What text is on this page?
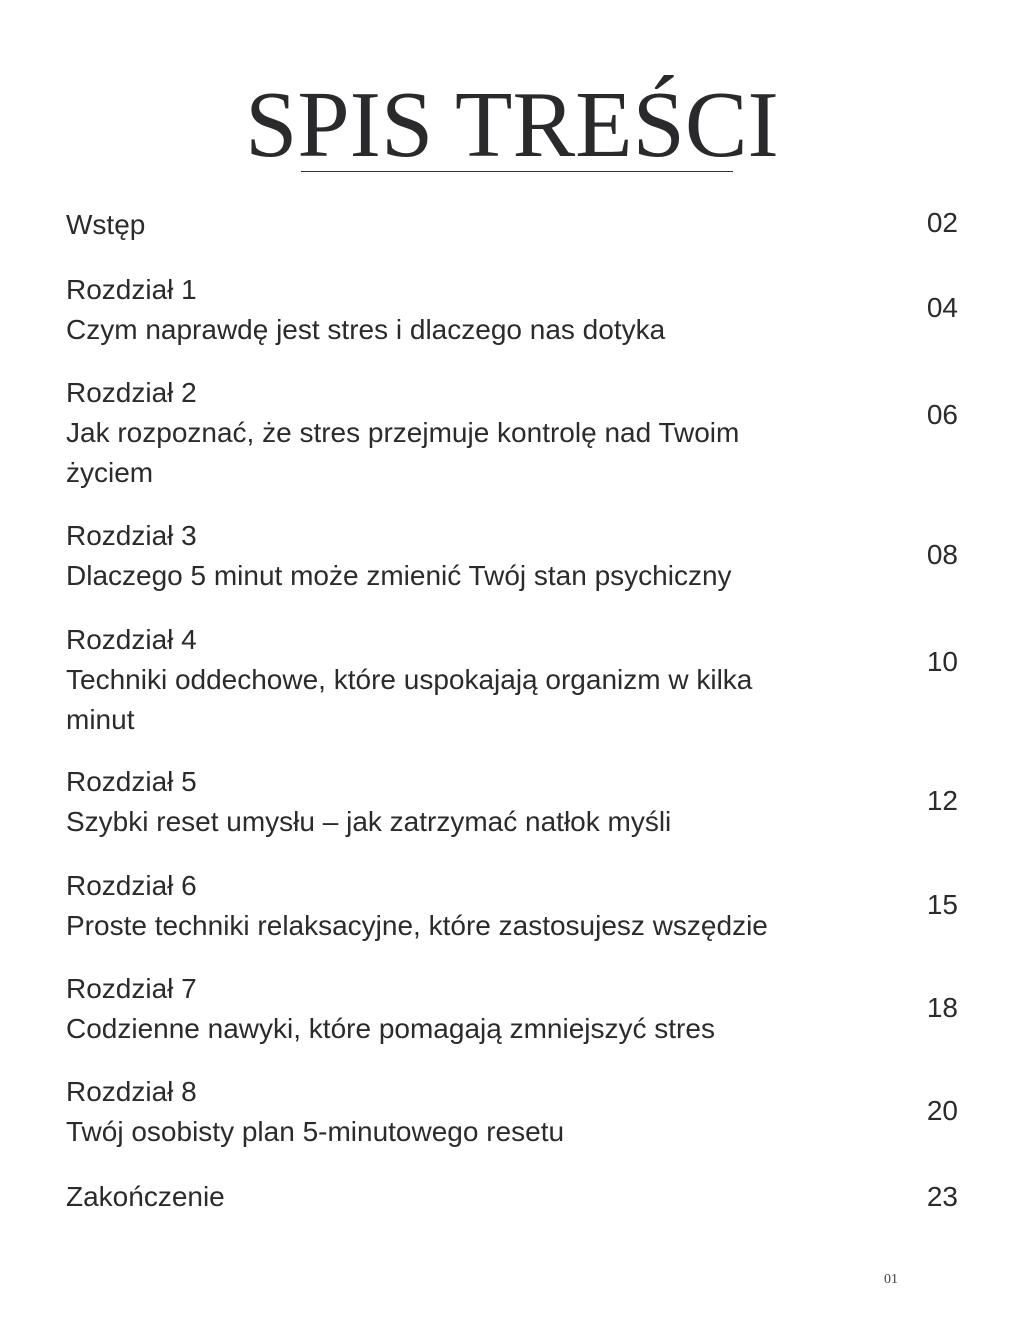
SPIS TREŚCI
Wstęp	02
Rozdział 1
Czym naprawdę jest stres i dlaczego nas dotyka
04
Rozdział 2
Jak rozpoznać, że stres przejmuje kontrolę nad Twoim
życiem
06
Rozdział 3
Dlaczego 5 minut może zmienić Twój stan psychiczny
08
Rozdział 4
Techniki oddechowe, które uspokajają organizm w kilka
minut
10
Rozdział 5
Szybki reset umysłu – jak zatrzymać natłok myśli
12
Rozdział 6
Proste techniki relaksacyjne, które zastosujesz wszędzie
15
Rozdział 7
Codzienne nawyki, które pomagają zmniejszyć stres
18
Rozdział 8
Twój osobisty plan 5-minutowego resetu
20
Zakończenie	23
01
